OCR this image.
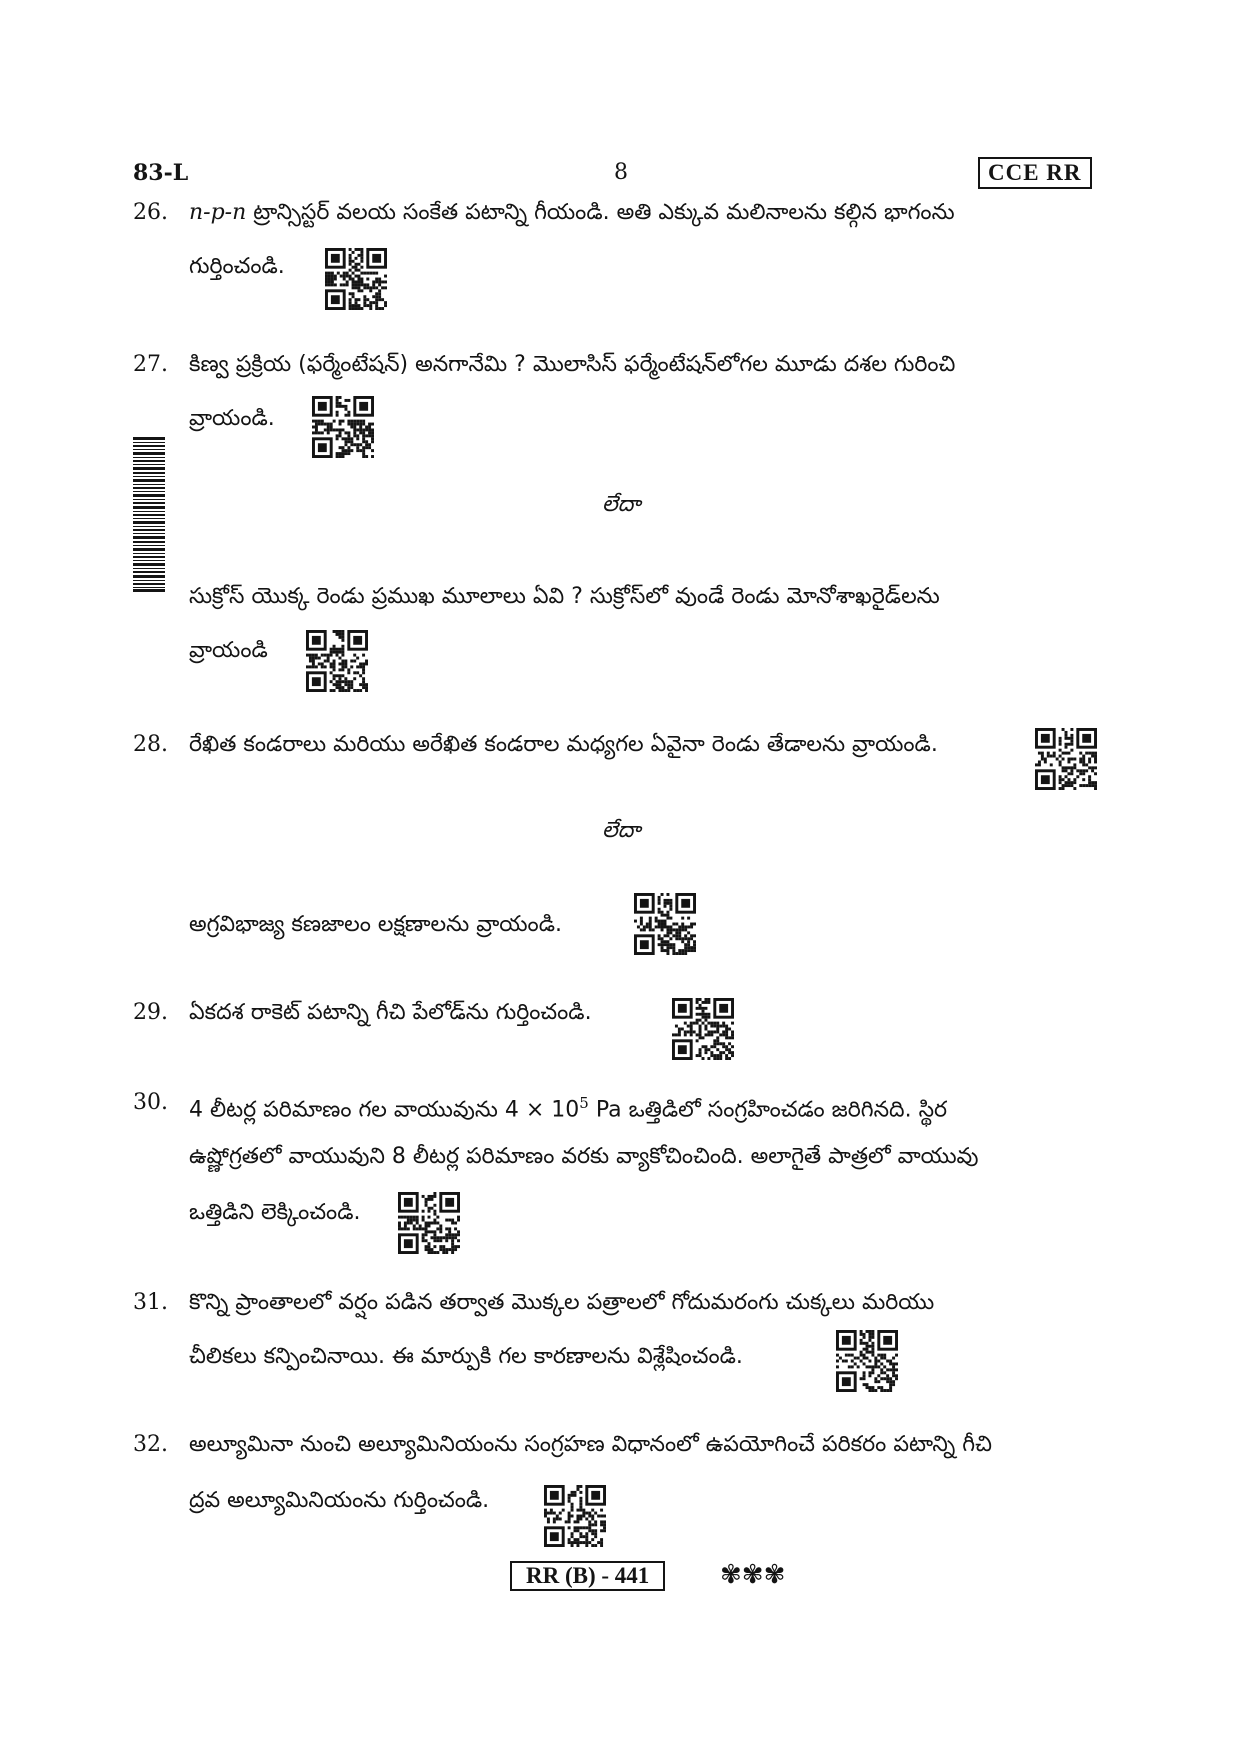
83-L	8	CCE RR
26. n-p-n ట్రాన్సిస్టర్ వలయ సంకేత పటాన్ని గీయండి. అతి ఎక్కువ మలినాలను కల్గిన భాగంను
గుర్తించండి.
27. కిణ్వ ప్రక్రియ (ఫర్మేంటేషన్) అనగానేమి ? మొలాసిస్ ఫర్మేంటేషన్‌లోగల మూడు దశల గురించి
వ్రాయండి.
లేదా
సుక్రోస్ యొక్క రెండు ప్రముఖ మూలాలు ఏవి ? సుక్రోస్‌లో వుండే రెండు మోనోశాఖరైడ్‌లను
వ్రాయండి
28. రేఖిత కండరాలు మరియు అరేఖిత కండరాల మధ్యగల ఏవైనా రెండు తేడాలను వ్రాయండి.
లేదా
అగ్రవిభాజ్య కణజాలం లక్షణాలను వ్రాయండి.
29. ఏకదశ రాకెట్ పటాన్ని గీచి పేలోడ్‌ను గుర్తించండి.
30. 4 లీటర్ల పరిమాణం గల వాయువును $4 \times 10^5$ Pa ఒత్తిడిలో సంగ్రహించడం జరిగినది. స్థిర
ఉష్ణోగ్రతలో వాయువుని 8 లీటర్ల పరిమాణం వరకు వ్యాకోచించింది. అలాగైతే పాత్రలో వాయువు
ఒత్తిడిని లెక్కించండి.
31. కొన్ని ప్రాంతాలలో వర్షం పడిన తర్వాత మొక్కల పత్రాలలో గోదుమరంగు చుక్కలు మరియు
చీలికలు కన్పించినాయి. ఈ మార్పుకి గల కారణాలను విశ్లేషించండి.
32. అల్యూమినా నుంచి అల్యూమినియంను సంగ్రహణ విధానంలో ఉపయోగించే పరికరం పటాన్ని గీచి
ద్రవ అల్యూమినియంను గుర్తించండి.
RR (B) - 441	✾✾✾
